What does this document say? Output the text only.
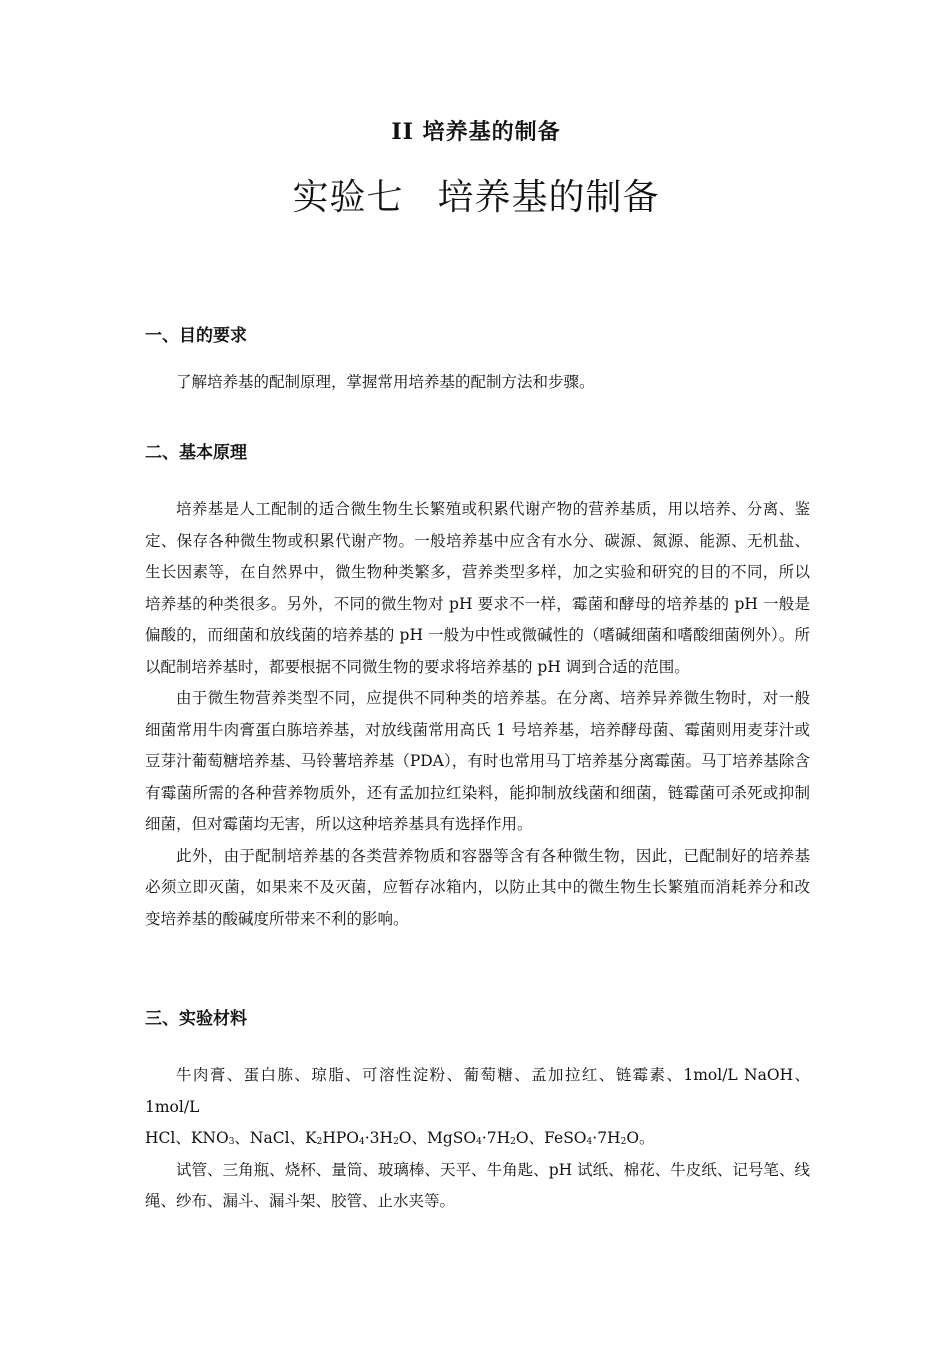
II 培养基的制备
实验七 培养基的制备
一、目的要求

了解培养基的配制原理，掌握常用培养基的配制方法和步骤。

二、基本原理

培养基是人工配制的适合微生物生长繁殖或积累代谢产物的营养基质，用以培养、分离、鉴定、保存各种微生物或积累代谢产物。一般培养基中应含有水分、碳源、氮源、能源、无机盐、生长因素等，在自然界中，微生物种类繁多，营养类型多样，加之实验和研究的目的不同，所以培养基的种类很多。另外，不同的微生物对 pH 要求不一样，霉菌和酵母的培养基的 pH 一般是偏酸的，而细菌和放线菌的培养基的 pH 一般为中性或微碱性的（嗜碱细菌和嗜酸细菌例外）。所以配制培养基时，都要根据不同微生物的要求将培养基的 pH 调到合适的范围。

由于微生物营养类型不同，应提供不同种类的培养基。在分离、培养异养微生物时，对一般细菌常用牛肉膏蛋白胨培养基，对放线菌常用高氏 1 号培养基，培养酵母菌、霉菌则用麦芽汁或豆芽汁葡萄糖培养基、马铃薯培养基（PDA），有时也常用马丁培养基分离霉菌。马丁培养基除含有霉菌所需的各种营养物质外，还有孟加拉红染料，能抑制放线菌和细菌，链霉菌可杀死或抑制细菌，但对霉菌均无害，所以这种培养基具有选择作用。

此外，由于配制培养基的各类营养物质和容器等含有各种微生物，因此，已配制好的培养基必须立即灭菌，如果来不及灭菌，应暂存冰箱内，以防止其中的微生物生长繁殖而消耗养分和改变培养基的酸碱度所带来不利的影响。

三、实验材料

牛肉膏、蛋白胨、琼脂、可溶性淀粉、葡萄糖、孟加拉红、链霉素、1mol/L NaOH、1mol/L

HCl、$KNO_3$、NaCl、$K_2HPO_4\cdot 3H_2O$、$MgSO_4\cdot 7H_2O$、$FeSO_4\cdot 7H_2O$。

试管、三角瓶、烧杯、量筒、玻璃棒、天平、牛角匙、pH 试纸、棉花、牛皮纸、记号笔、线绳、纱布、漏斗、漏斗架、胶管、止水夹等。
